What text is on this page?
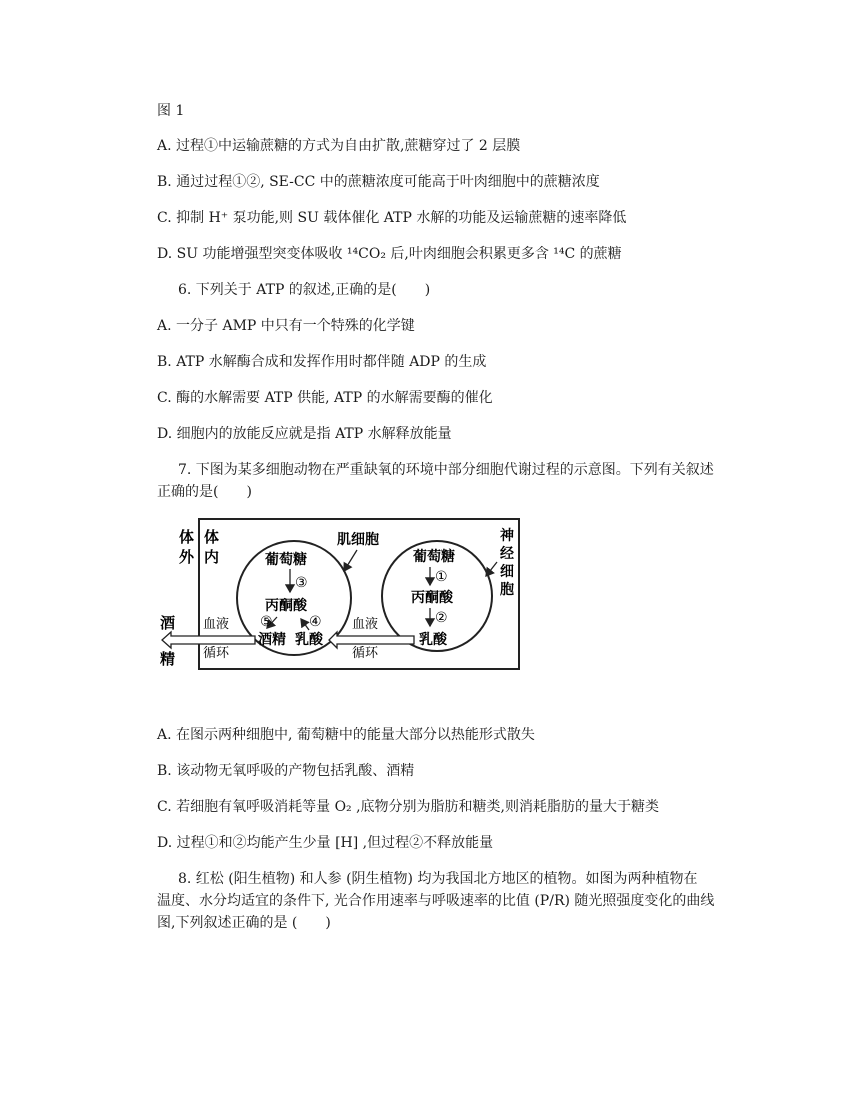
图 1
A. 过程①中运输蔗糖的方式为自由扩散,蔗糖穿过了 2 层膜
B. 通过过程①②, SE-CC 中的蔗糖浓度可能高于叶肉细胞中的蔗糖浓度
C. 抑制 H⁺ 泵功能,则 SU 载体催化 ATP 水解的功能及运输蔗糖的速率降低
D. SU 功能增强型突变体吸收 ¹⁴CO₂ 后,叶肉细胞会积累更多含 ¹⁴C 的蔗糖
6. 下列关于 ATP 的叙述,正确的是(　　)
A. 一分子 AMP 中只有一个特殊的化学键
B. ATP 水解酶合成和发挥作用时都伴随 ADP 的生成
C. 酶的水解需要 ATP 供能, ATP 的水解需要酶的催化
D. 细胞内的放能反应就是指 ATP 水解释放能量
7. 下图为某多细胞动物在严重缺氧的环境中部分细胞代谢过程的示意图。下列有关叙述
正确的是(　　)
体
外
体
内	葡萄糖
③
丙酮酸
⑤	④
酒精 乳酸
肌细胞
葡萄糖
①
丙酮酸
②
乳酸
神
经
细
胞
血液
循环
血液
循环
酒
精
A. 在图示两种细胞中, 葡萄糖中的能量大部分以热能形式散失
B. 该动物无氧呼吸的产物包括乳酸、酒精
C. 若细胞有氧呼吸消耗等量 O₂ ,底物分别为脂肪和糖类,则消耗脂肪的量大于糖类
D. 过程①和②均能产生少量 [H] ,但过程②不释放能量
8. 红松 (阳生植物) 和人参 (阴生植物) 均为我国北方地区的植物。如图为两种植物在
温度、水分均适宜的条件下, 光合作用速率与呼吸速率的比值 (P/R) 随光照强度变化的曲线
图,下列叙述正确的是 (　　)
